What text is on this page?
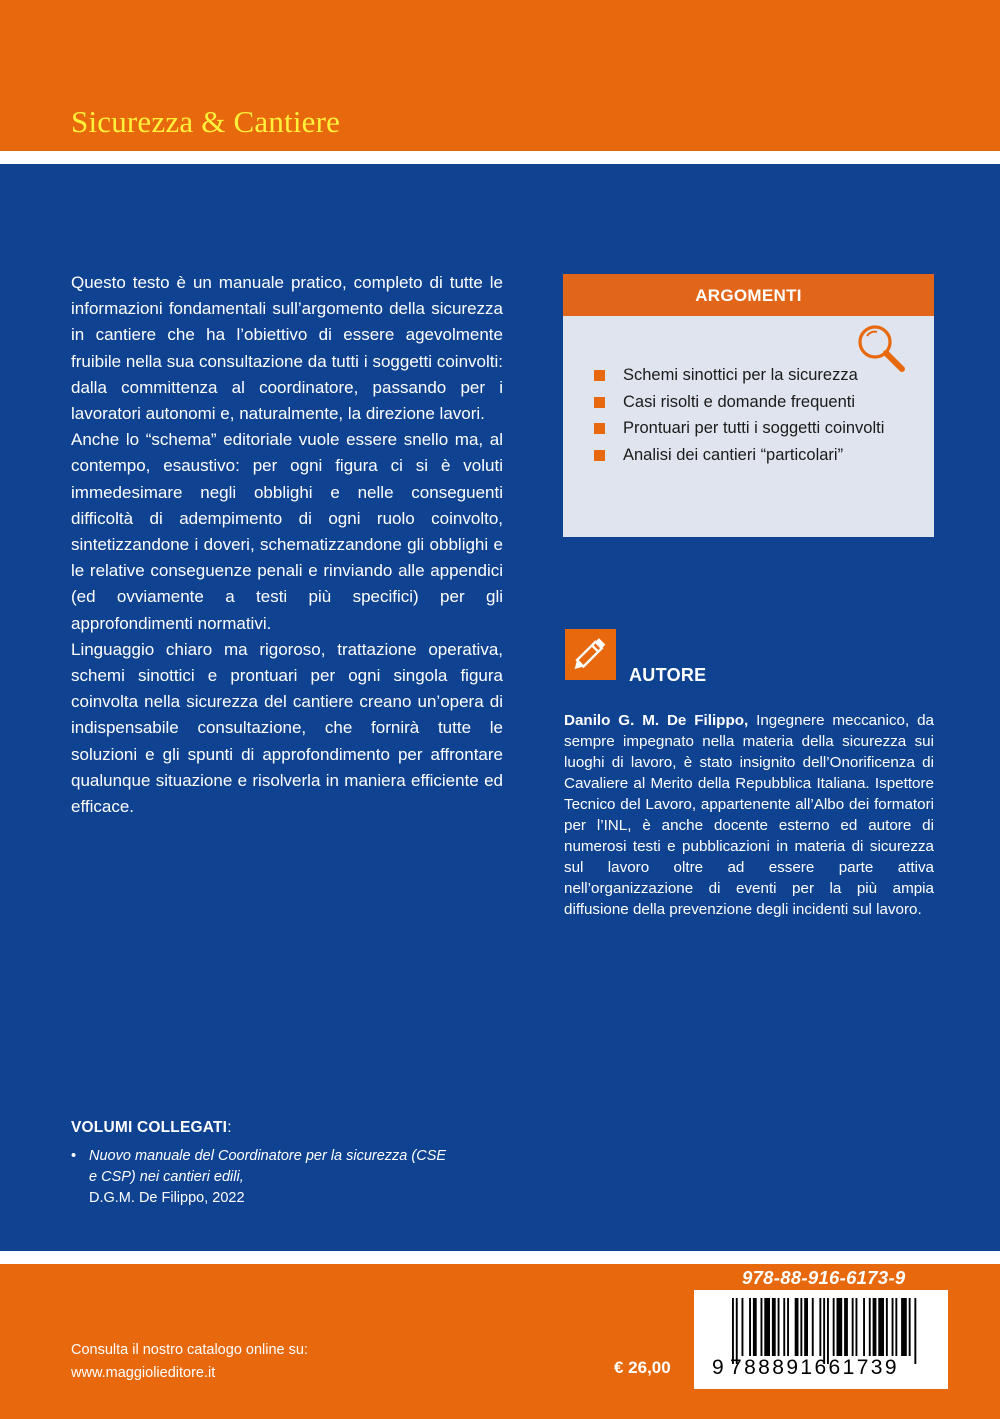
Sicurezza & Cantiere

Questo testo è un manuale pratico, completo di tutte le informazioni fondamentali sull’argomento della sicurezza in cantiere che ha l’obiettivo di essere agevolmente fruibile nella sua consultazione da tutti i soggetti coinvolti: dalla committenza al coordinatore, passando per i lavoratori autonomi e, naturalmente, la direzione lavori.

Anche lo “schema” editoriale vuole essere snello ma, al contempo, esaustivo: per ogni figura ci si è voluti immedesimare negli obblighi e nelle conseguenti difficoltà di adempimento di ogni ruolo coinvolto, sintetizzandone i doveri, schematizzandone gli obblighi e le relative conseguenze penali e rinviando alle appendici (ed ovviamente a testi più specifici) per gli approfondimenti normativi.

Linguaggio chiaro ma rigoroso, trattazione operativa, schemi sinottici e prontuari per ogni singola figura coinvolta nella sicurezza del cantiere creano un’opera di indispensabile consultazione, che fornirà tutte le soluzioni e gli spunti di approfondimento per affrontare qualunque situazione e risolverla in maniera efficiente ed efficace.

ARGOMENTI
Schemi sinottici per la sicurezza
Casi risolti e domande frequenti
Prontuari per tutti i soggetti coinvolti
Analisi dei cantieri “particolari”
AUTORE
Danilo G. M. De Filippo, Ingegnere meccanico, da sempre impegnato nella materia della sicurezza sui luoghi di lavoro, è stato insignito dell’Onorificenza di Cavaliere al Merito della Repubblica Italiana. Ispettore Tecnico del Lavoro, appartenente all’Albo dei formatori per l’INL, è anche docente esterno ed autore di numerosi testi e pubblicazioni in materia di sicurezza sul lavoro oltre ad essere parte attiva nell’organizzazione di eventi per la più ampia diffusione della prevenzione degli incidenti sul lavoro.
VOLUMI COLLEGATI:
• Nuovo manuale del Coordinatore per la sicurezza (CSE e CSP) nei cantieri edili,
D.G.M. De Filippo, 2022
Consulta il nostro catalogo online su:
www.maggiolieditore.it	€ 26,00
978-88-916-6173-9
9 788891661739
